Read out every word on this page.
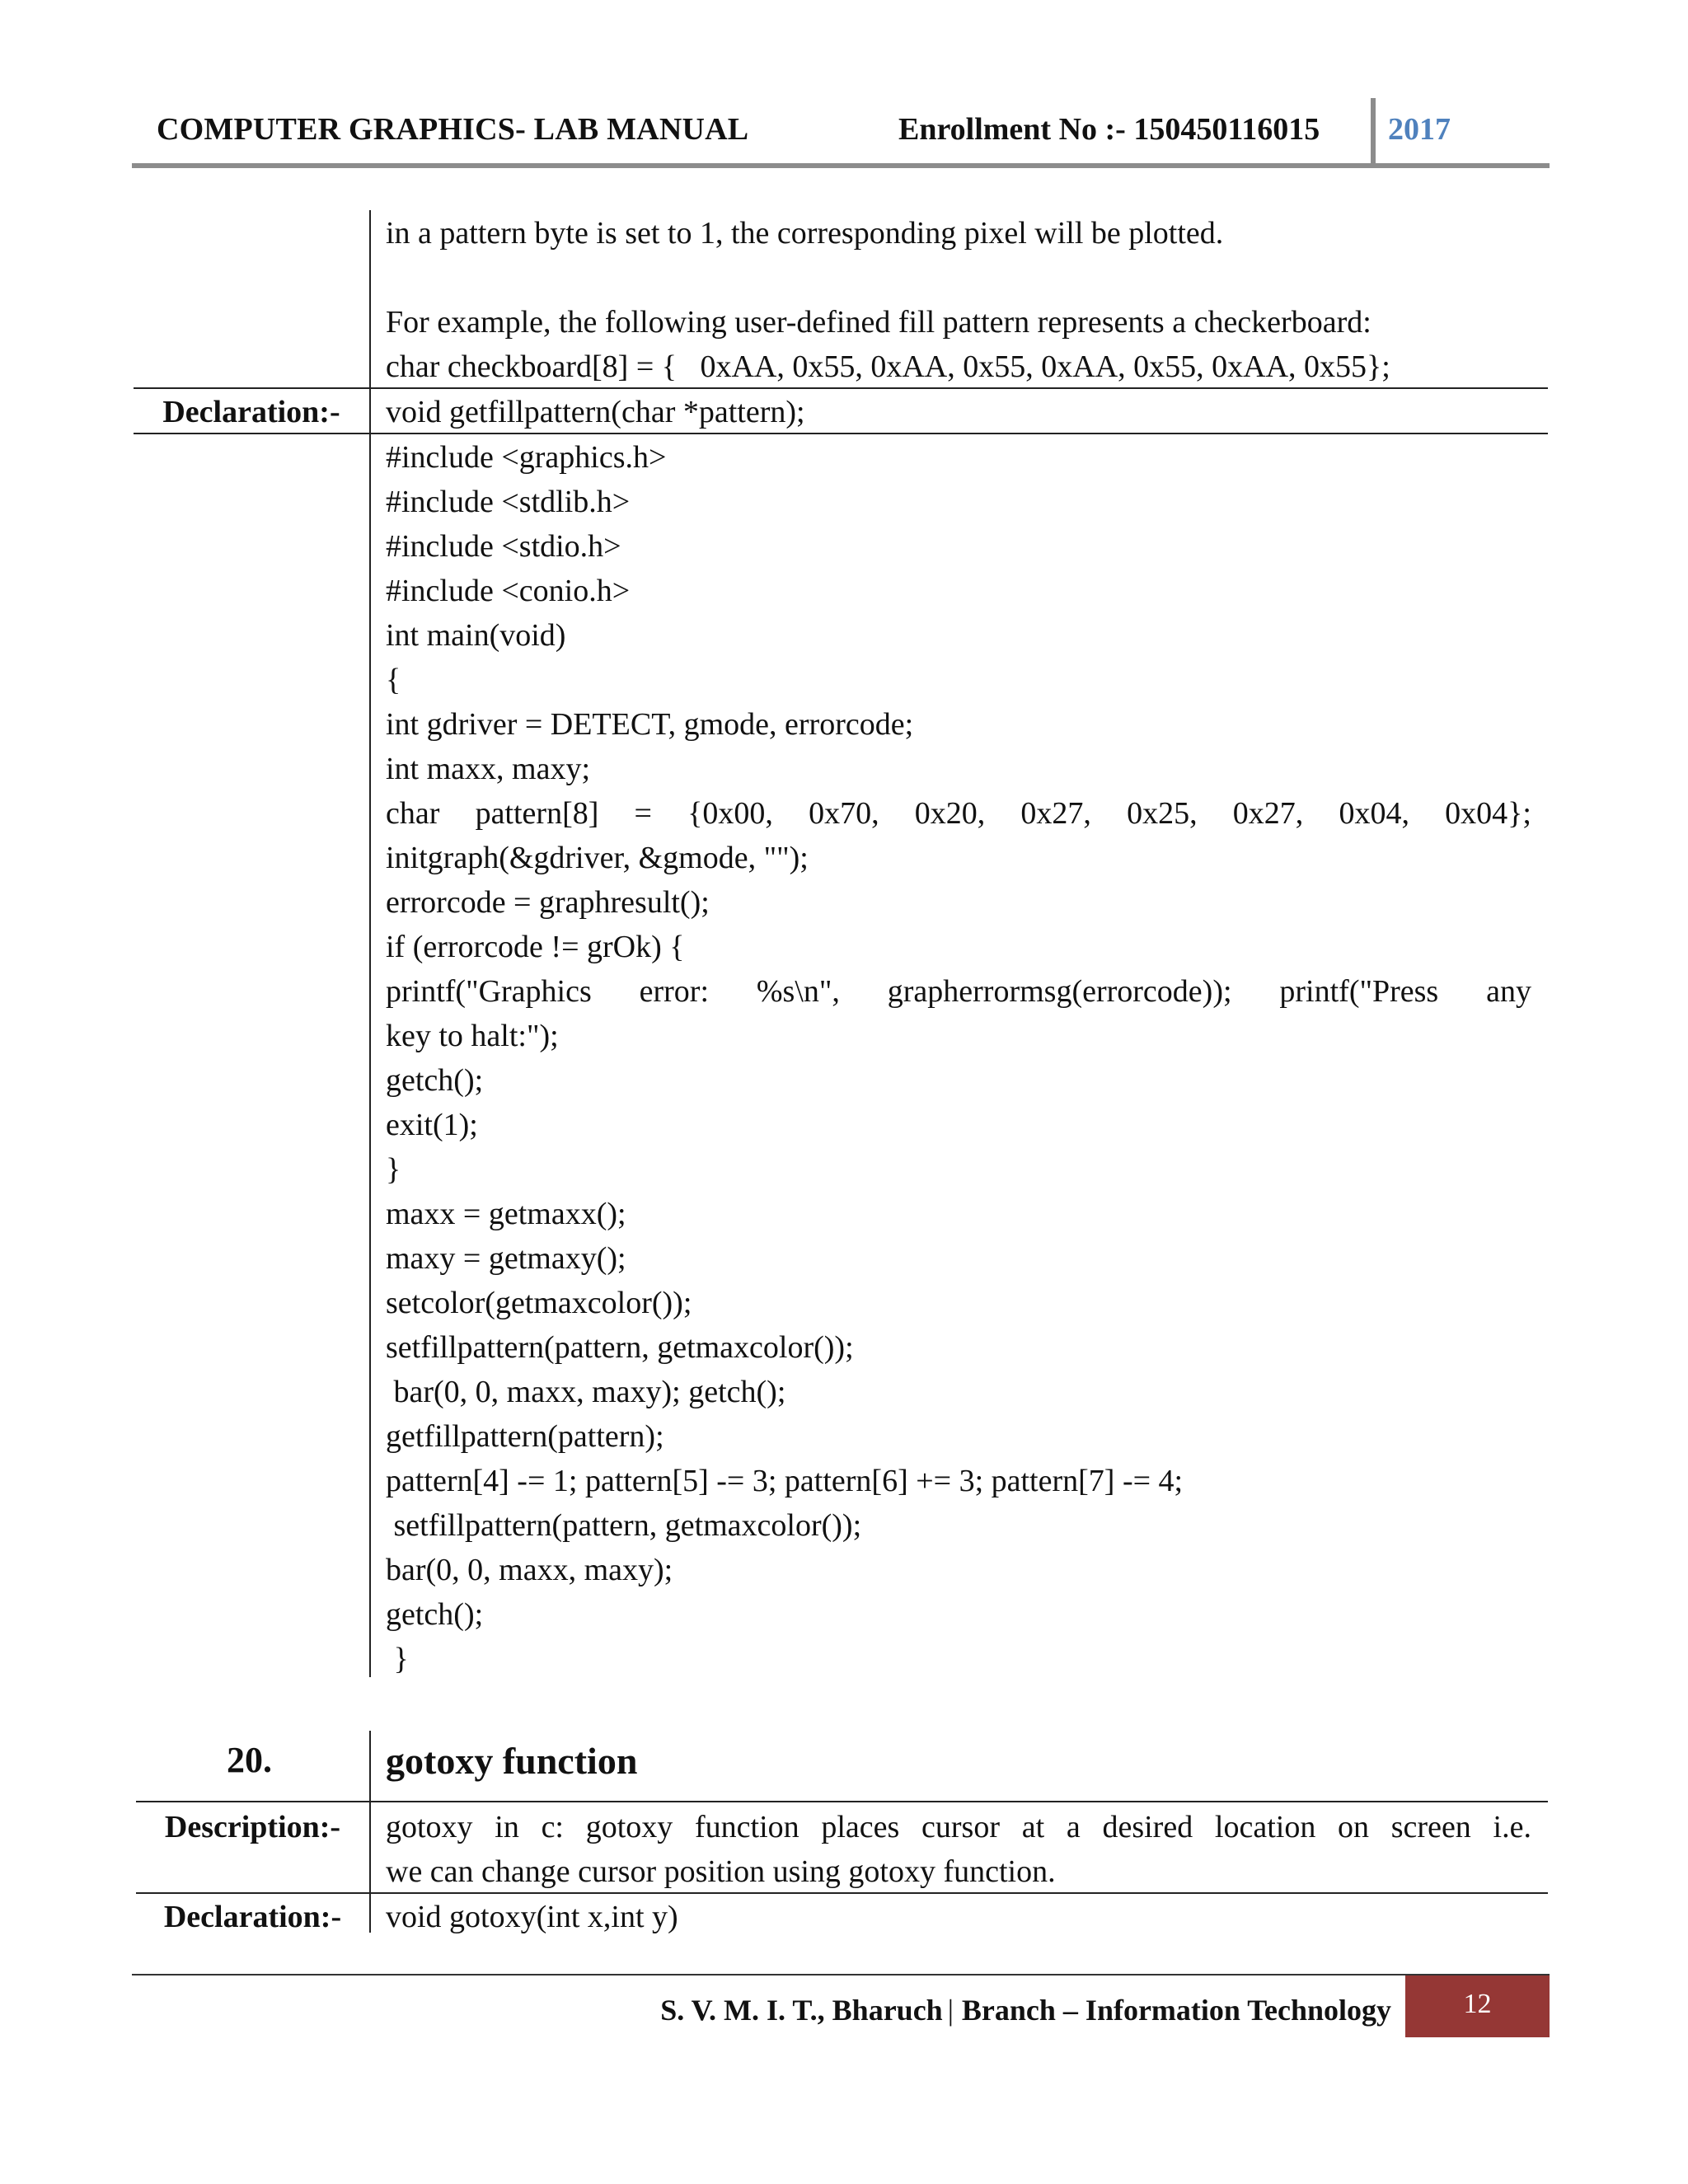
COMPUTER GRAPHICS- LAB MANUAL	Enrollment No :- 150450116015 2017
in a pattern byte is set to 1, the corresponding pixel will be plotted.
For example, the following user-defined fill pattern represents a checkerboard:
char checkboard[8] = {   0xAA, 0x55, 0xAA, 0x55, 0xAA, 0x55, 0xAA, 0x55};
Declaration:-	void getfillpattern(char *pattern);
#include <graphics.h>
#include <stdlib.h>
#include <stdio.h>
#include <conio.h>
int main(void)
{
int gdriver = DETECT, gmode, errorcode;
int maxx, maxy;
char pattern[8] = {0x00, 0x70, 0x20, 0x27, 0x25, 0x27, 0x04, 0x04};
initgraph(&gdriver, &gmode, "");
errorcode = graphresult();
if (errorcode != grOk) {
printf("Graphics error: %s\n", grapherrormsg(errorcode)); printf("Press any
key to halt:");
getch();
exit(1);
}
maxx = getmaxx();
maxy = getmaxy();
setcolor(getmaxcolor());
setfillpattern(pattern, getmaxcolor());
bar(0, 0, maxx, maxy); getch();
getfillpattern(pattern);
pattern[4] -= 1; pattern[5] -= 3; pattern[6] += 3; pattern[7] -= 4;
setfillpattern(pattern, getmaxcolor());
bar(0, 0, maxx, maxy);
getch();
}
20.	gotoxy function
Description:-	gotoxy in c: gotoxy function places cursor at a desired location on screen i.e.
we can change cursor position using gotoxy function.
Declaration:-	void gotoxy(int x,int y)
S. V. M. I. T., Bharuch | Branch – Information Technology	12
